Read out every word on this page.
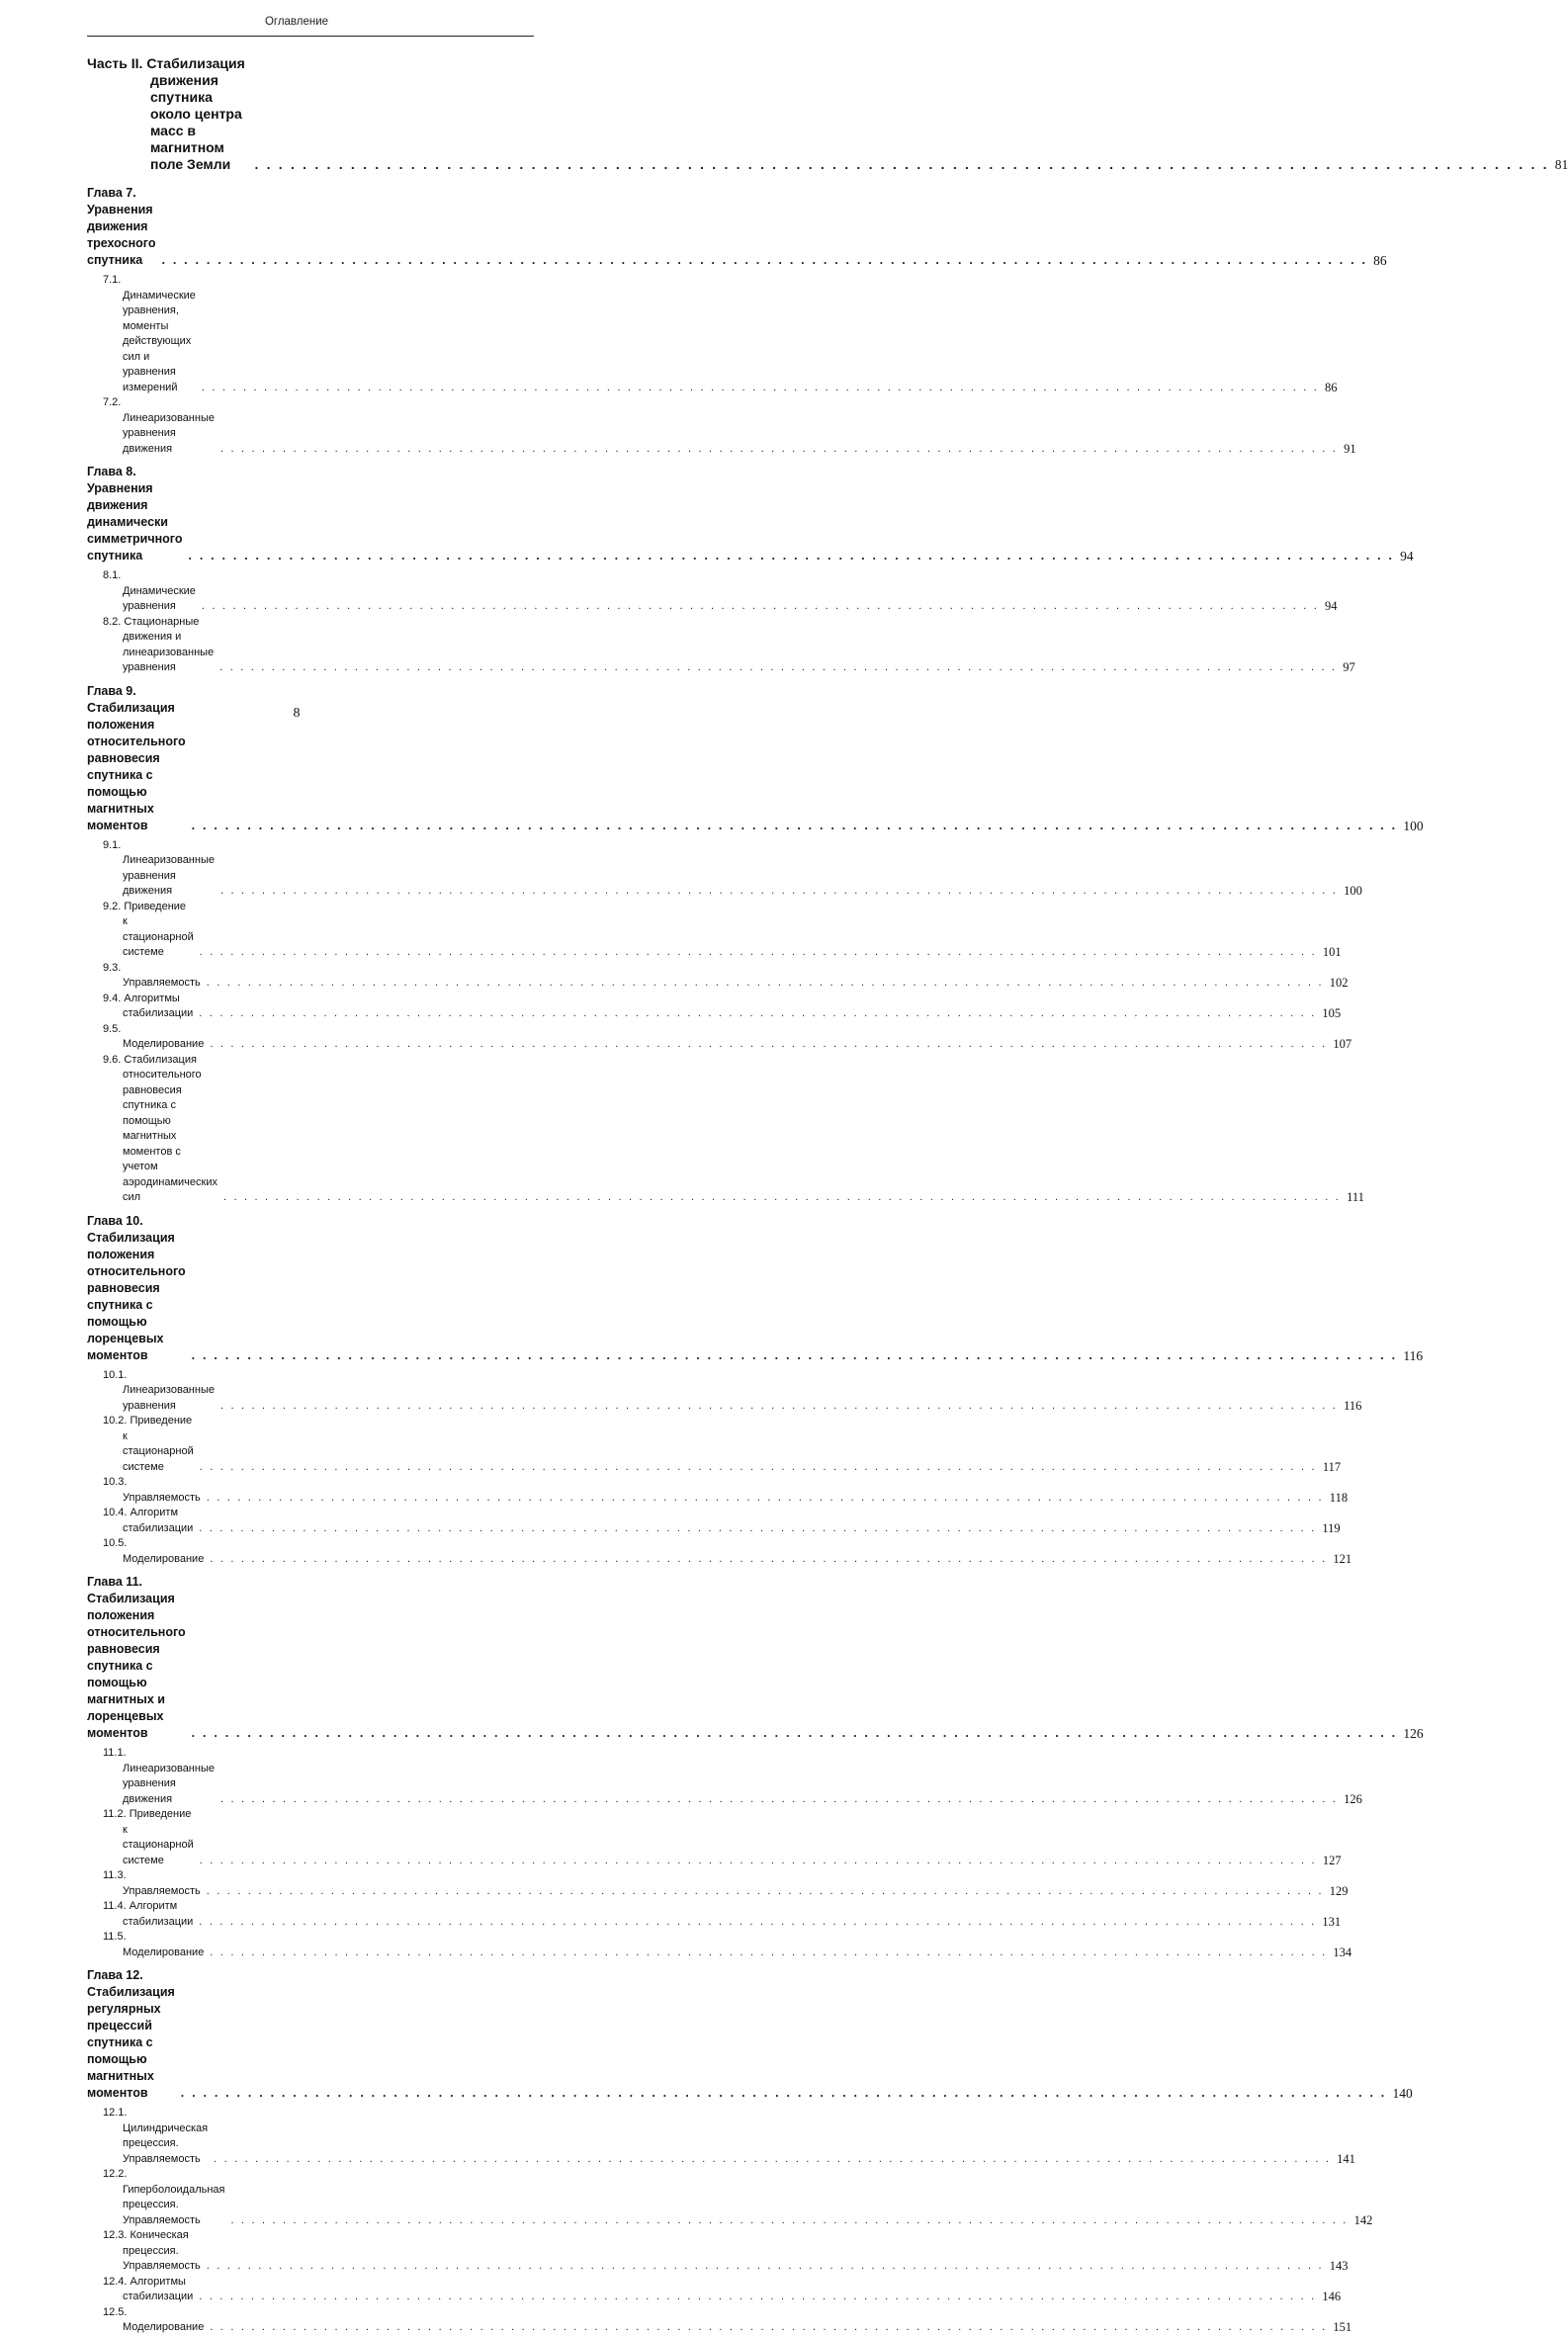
Оглавление
Часть II. Стабилизация движения спутника около центра масс в магнитном поле Земли . . .	81
Глава 7. Уравнения движения трехосного спутника . . .	86
7.1. Динамические уравнения, моменты действующих сил и уравнения измерений . . .	86
7.2. Линеаризованные уравнения движения . . .	91
Глава 8. Уравнения движения динамически симметричного спутника . . .	94
8.1. Динамические уравнения . . .	94
8.2. Стационарные движения и линеаризованные уравнения . . .	97
Глава 9. Стабилизация положения относительного равновесия спутника с помощью магнитных моментов . . .	100
9.1. Линеаризованные уравнения движения . . .	100
9.2. Приведение к стационарной системе . . .	101
9.3. Управляемость . . .	102
9.4. Алгоритмы стабилизации . . .	105
9.5. Моделирование . . .	107
9.6. Стабилизация относительного равновесия спутника с помощью магнитных моментов с учетом аэродинамических сил . . .	111
Глава 10. Стабилизация положения относительного равновесия спутника с помощью лоренцевых моментов . . .	116
10.1. Линеаризованные уравнения . . .	116
10.2. Приведение к стационарной системе . . .	117
10.3. Управляемость . . .	118
10.4. Алгоритм стабилизации . . .	119
10.5. Моделирование . . .	121
Глава 11. Стабилизация положения относительного равновесия спутника с помощью магнитных и лоренцевых моментов . . .	126
11.1. Линеаризованные уравнения движения . . .	126
11.2. Приведение к стационарной системе . . .	127
11.3. Управляемость . . .	129
11.4. Алгоритм стабилизации . . .	131
11.5. Моделирование . . .	134
Глава 12. Стабилизация регулярных прецессий спутника с помощью магнитных моментов . . .	140
12.1. Цилиндрическая прецессия. Управляемость . . .	141
12.2. Гиперболоидальная прецессия. Управляемость . . .	142
12.3. Коническая прецессия. Управляемость . . .	143
12.4. Алгоритмы стабилизации . . .	146
12.5. Моделирование . . .	151
8
